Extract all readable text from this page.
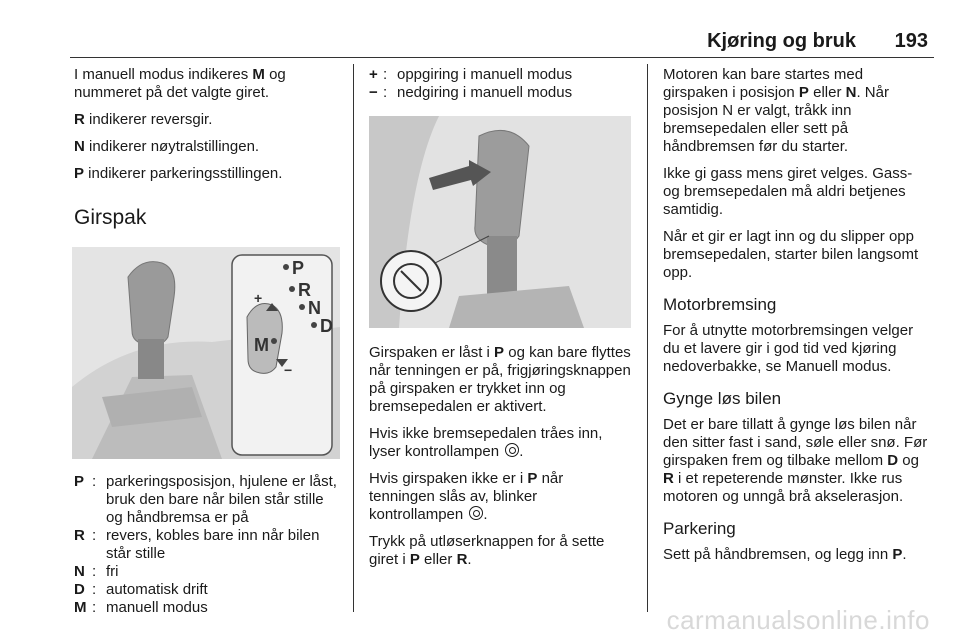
Kjøring og bruk 193

I manuell modus indikeres M og nummeret på det valgte giret.

R indikerer reversgir.

N indikerer nøytralstillingen.

P indikerer parkeringsstillingen.

Girspak
P
R
N
D
M
+
−
P : parkeringsposisjon, hjulene er låst, bruk den bare når bilen står stille og håndbremsa er på
R : revers, kobles bare inn når bilen står stille
N : fri
D : automatisk drift
M : manuell modus
+ : oppgiring i manuell modus
− : nedgiring i manuell modus

Girspaken er låst i P og kan bare flyttes når tenningen er på, frigjøringsknappen på girspaken er trykket inn og bremsepedalen er aktivert.

Hvis ikke bremsepedalen tråes inn, lyser kontrollampen .

Hvis girspaken ikke er i P når tenningen slås av, blinker kontrollampen .

Trykk på utløserknappen for å sette giret i P eller R.

Motoren kan bare startes med girspaken i posisjon P eller N. Når posisjon N er valgt, tråkk inn bremsepedalen eller sett på håndbremsen før du starter.

Ikke gi gass mens giret velges. Gass- og bremsepedalen må aldri betjenes samtidig.

Når et gir er lagt inn og du slipper opp bremsepedalen, starter bilen langsomt opp.

Motorbremsing

For å utnytte motorbremsingen velger du et lavere gir i god tid ved kjøring nedoverbakke, se Manuell modus.

Gynge løs bilen

Det er bare tillatt å gynge løs bilen når den sitter fast i sand, søle eller snø. Før girspaken frem og tilbake mellom D og R i et repeterende mønster. Ikke rus motoren og unngå brå akselerasjon.

Parkering

Sett på håndbremsen, og legg inn P.

carmanualsonline.info
